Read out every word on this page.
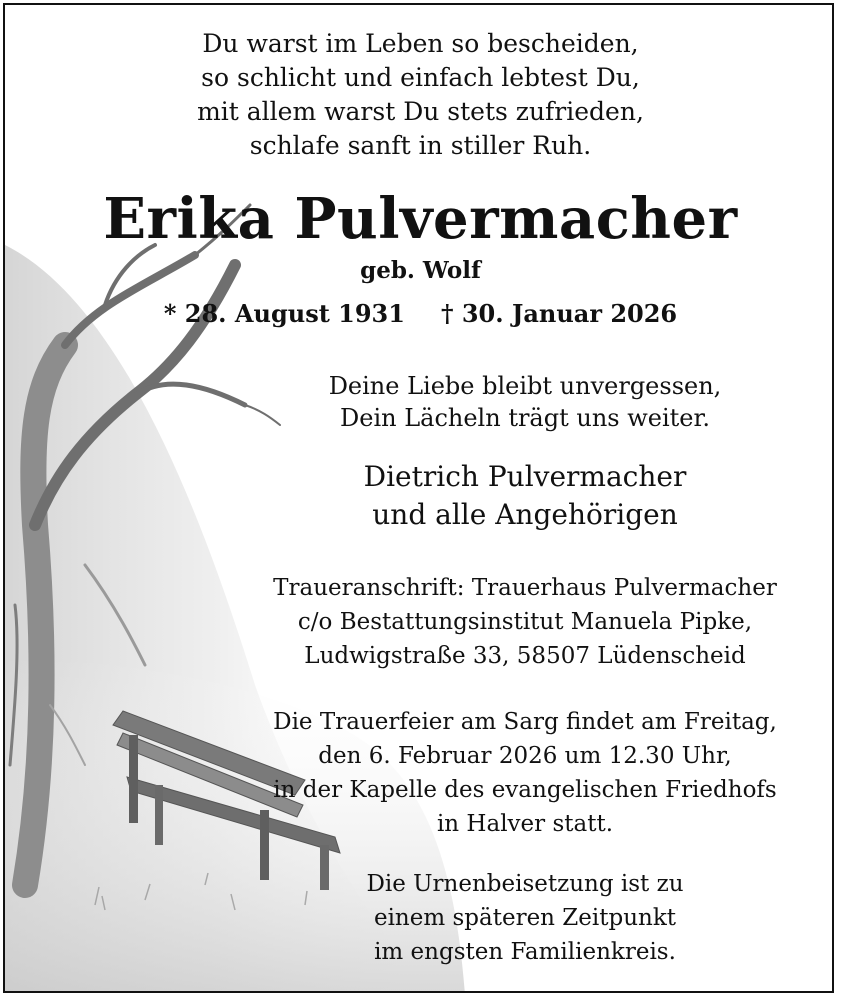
Du warst im Leben so bescheiden,
so schlicht und einfach lebtest Du,
mit allem warst Du stets zufrieden,
schlafe sanft in stiller Ruh.
Erika Pulvermacher
geb. Wolf
* 28. August 1931 † 30. Januar 2026
Deine Liebe bleibt unvergessen,
Dein Lächeln trägt uns weiter.
Dietrich Pulvermacher
und alle Angehörigen
Traueranschrift: Trauerhaus Pulvermacher
c/o Bestattungsinstitut Manuela Pipke,
Ludwigstraße 33, 58507 Lüdenscheid
Die Trauerfeier am Sarg findet am Freitag,
den 6. Februar 2026 um 12.30 Uhr,
in der Kapelle des evangelischen Friedhofs
in Halver statt.
Die Urnenbeisetzung ist zu
einem späteren Zeitpunkt
im engsten Familienkreis.
